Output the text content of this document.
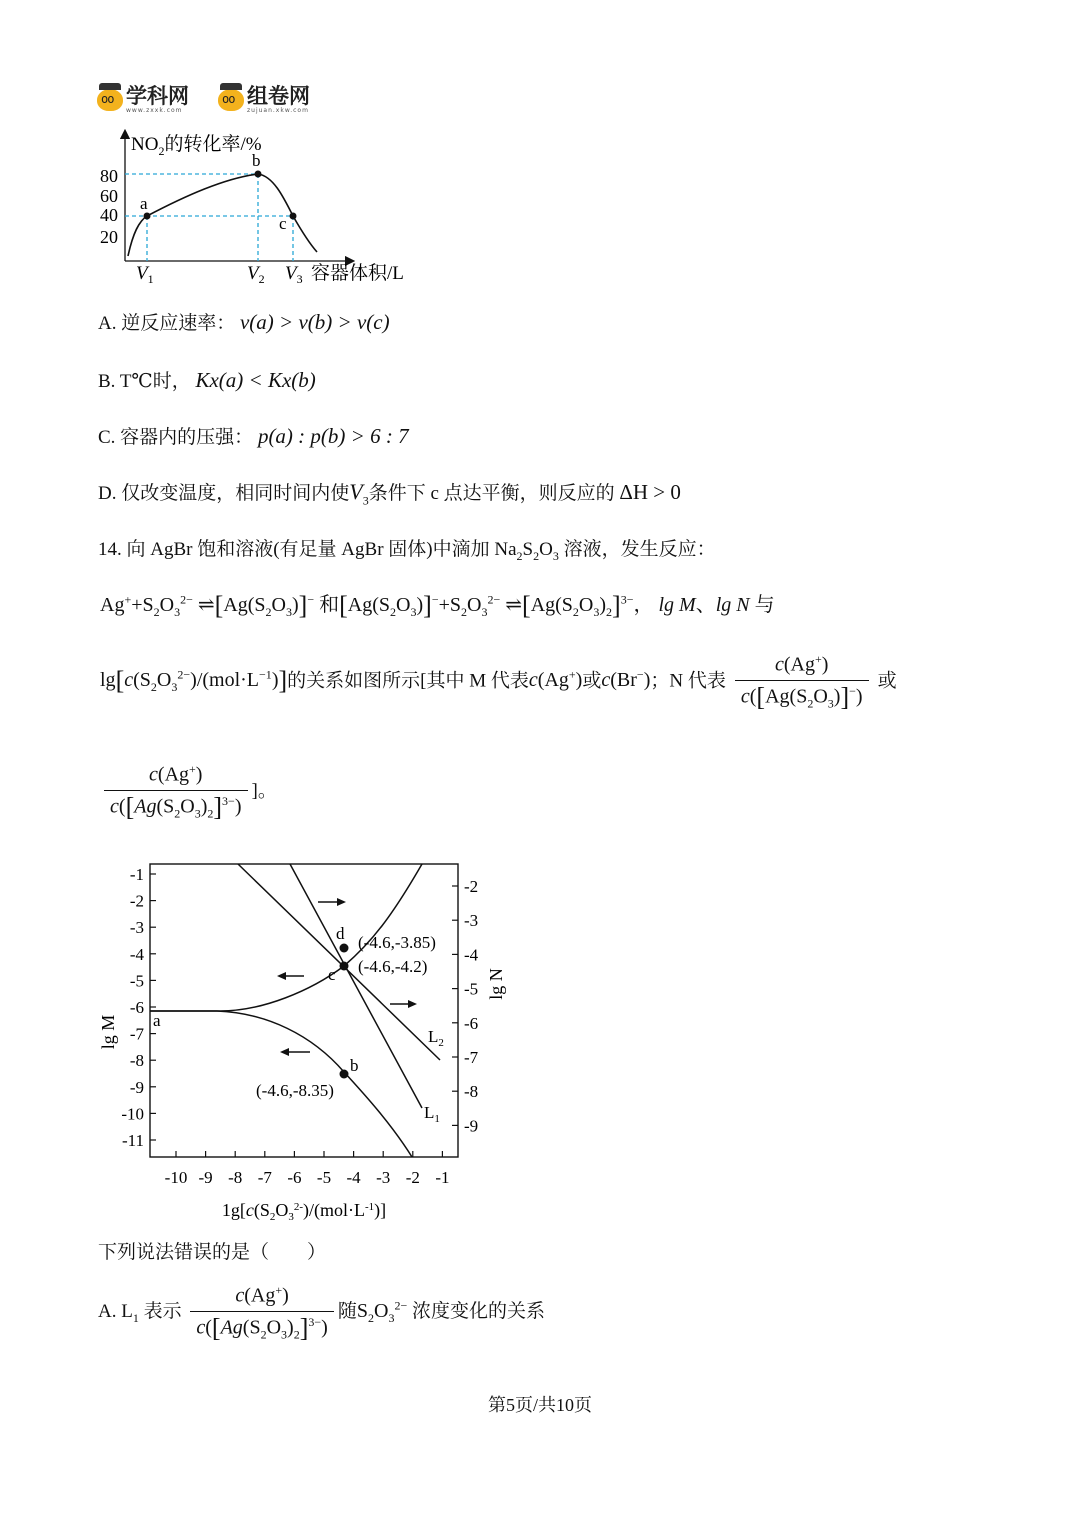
oo
学科网
www.zxxk.com
oo
组卷网
zujuan.xkw.com
$NO_2$的转化率/%
80
60
40
20
a
b
c
$V_1$	$V_2$ $V_3$ 容器体积/L
A. 逆反应速率： v(a) > v(b) > v(c)
B. T℃时， Kx(a) < Kx(b)
C. 容器内的压强： p(a) : p(b) > 6 : 7
D. 仅改变温度，相同时间内使$V_3$条件下 c 点达平衡，则反应的 ΔH > 0
14. 向 AgBr 饱和溶液(有足量 AgBr 固体)中滴加 $Na_2S_2O_3$ 溶液，发生反应：
$Ag^++S_2O_3^{2-}$ $\rightleftharpoons[Ag(S_2O_3)]^-$ 和$[Ag(S_2O_3)]^-+S_2O_3^{2-}$ $\rightleftharpoons[Ag(S_2O_3)_2]^{3-}$， lg M、lg N 与
$\lg[c(S_2O_3^{2-})/(mol\cdot L^{-1})]$的关系如图所示[其中 M 代表c(Ag+)或c(Br−)；N 代表 $\frac{c(Ag^+)}{c([Ag(S_2O_3)]^-)}$ 或
$\frac{c(Ag^+)}{c([Ag(S_2O_3)_2]^{3-})}$ ]。
-1
-2
-3
-4
-5
-6
-7
-8
-9
-10
-11
-2
-3
-4
-5
-6
-7
-8
-9
-10 -9 -8 -7 -6 -5 -4 -3 -2 -1
lg M
lg N
$1g[c(S_2O_3^{2-})/(mol\cdot L^{-1})]$
a
b
c
d (-4.6,-3.85)
(-4.6,-4.2)
(-4.6,-8.35)
$L_2$
$L_1$
下列说法错误的是（　　）
A. $L_1$ 表示 $\frac{c(Ag^+)}{c([Ag(S_2O_3)_2]^{3-})}$ 随$S_2O_3^{2-}$ 浓度变化的关系
第5页/共10页
